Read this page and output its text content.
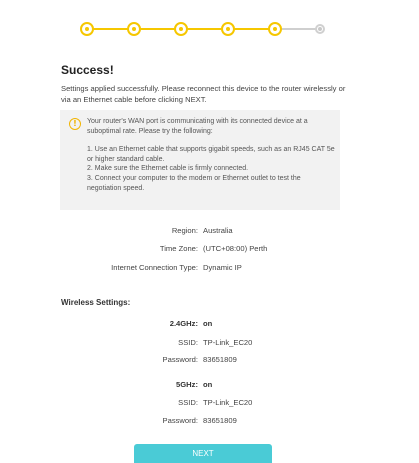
Success!
Settings applied successfully. Please reconnect this device to the router wirelessly or via an Ethernet cable before clicking NEXT.
!	Your router's WAN port is communicating with its connected device at a suboptimal rate. Please try the following:

1. Use an Ethernet cable that supports gigabit speeds, such as an RJ45 CAT 5e or higher standard cable.
2. Make sure the Ethernet cable is firmly connected.
3. Connect your computer to the modem or Ethernet outlet to test the negotiation speed.
Region: Australia
Time Zone: (UTC+08:00) Perth
Internet Connection Type: Dynamic IP
Wireless Settings:
2.4GHz: on
SSID: TP-Link_EC20
Password: 83651809
5GHz: on
SSID: TP-Link_EC20
Password: 83651809
NEXT
